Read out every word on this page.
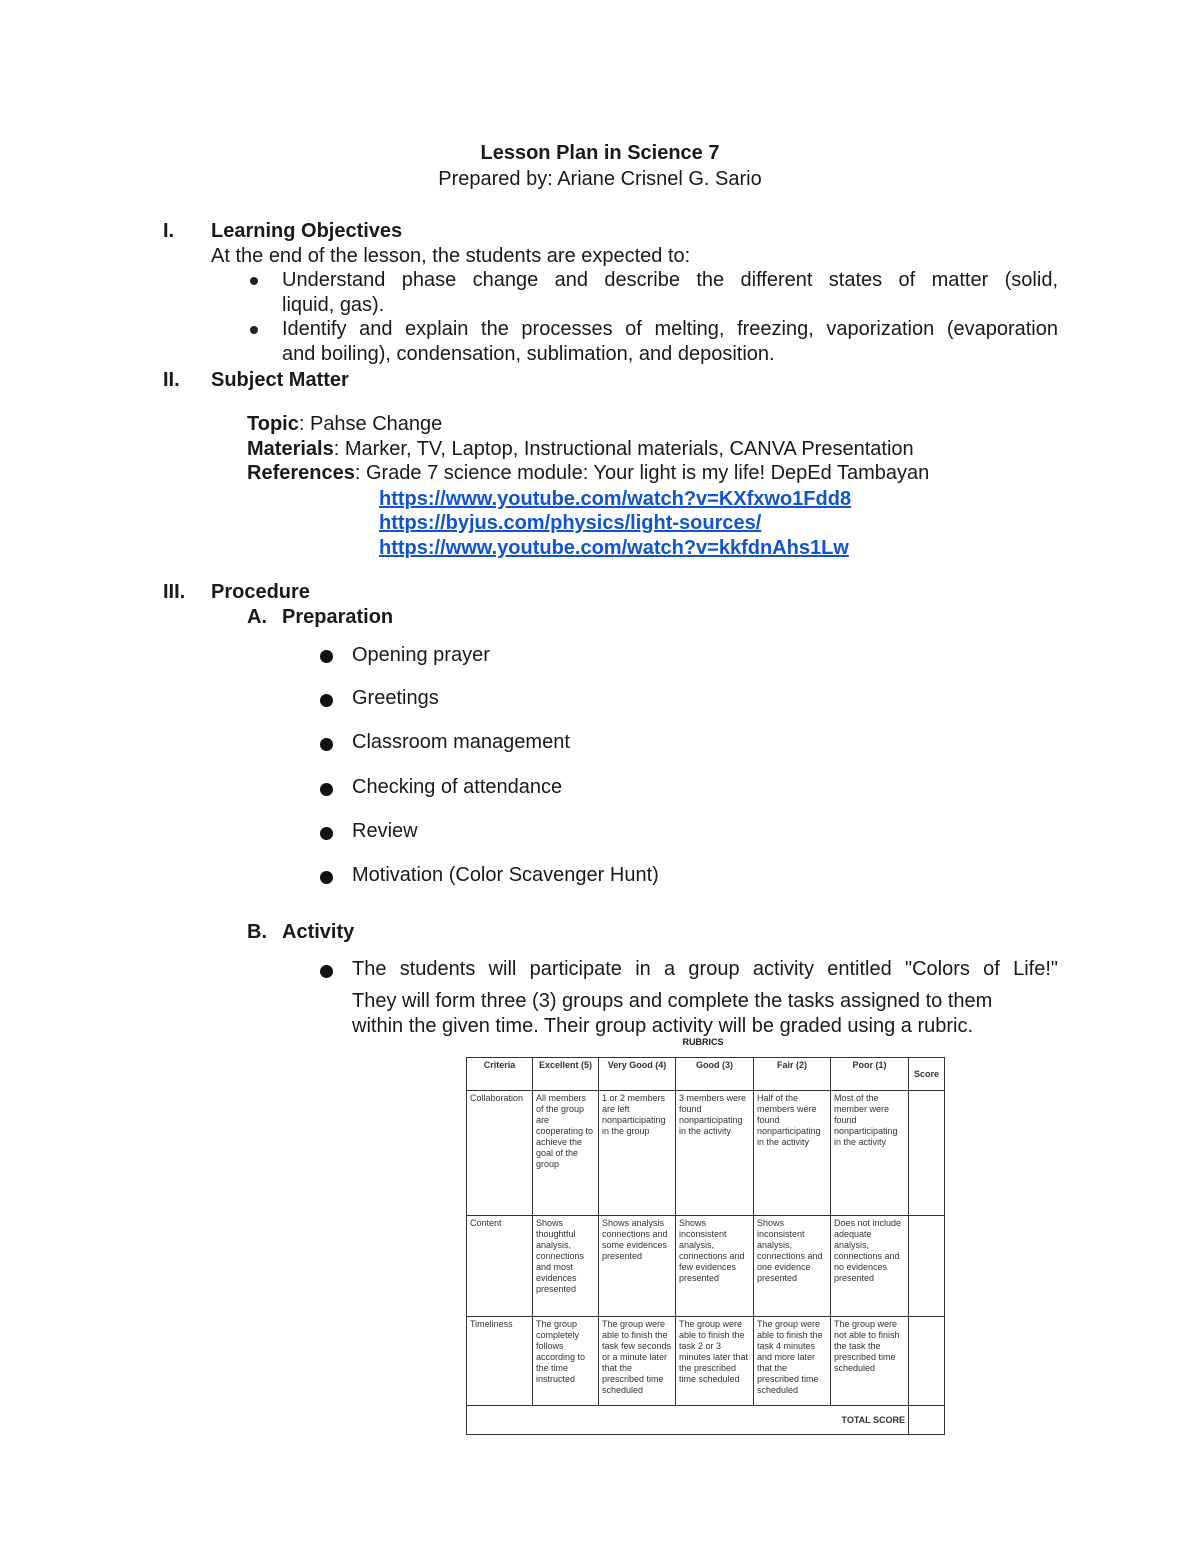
Lesson Plan in Science 7
Prepared by: Ariane Crisnel G. Sario
I. Learning Objectives
At the end of the lesson, the students are expected to:
Understand phase change and describe the different states of matter (solid,
liquid, gas).
Identify and explain the processes of melting, freezing, vaporization (evaporation
and boiling), condensation, sublimation, and deposition.
II. Subject Matter
Topic: Pahse Change
Materials: Marker, TV, Laptop, Instructional materials, CANVA Presentation
References: Grade 7 science module: Your light is my life! DepEd Tambayan
https://www.youtube.com/watch?v=KXfxwo1Fdd8
https://byjus.com/physics/light-sources/
https://www.youtube.com/watch?v=kkfdnAhs1Lw
III. Procedure
A. Preparation
Opening prayer
Greetings
Classroom management
Checking of attendance
Review
Motivation (Color Scavenger Hunt)
B. Activity
The students will participate in a group activity entitled "Colors of Life!"
They will form three (3) groups and complete the tasks assigned to them
within the given time. Their group activity will be graded using a rubric.
RUBRICS
Criteria	Excellent (5)	Very Good (4)	Good (3)	Fair (2)	Poor (1)	Score
Collaboration	All members of the group are cooperating to achieve the goal of the group	1 or 2 members are left nonparticipating in the group	3 members were found nonparticipating in the activity	Half of the members were found nonparticipating in the activity	Most of the member were found nonparticipating in the activity	
Content	Shows thoughtful analysis, connections and most evidences presented	Shows analysis connections and some evidences presented	Shows inconsistent analysis, connections and few evidences presented	Shows inconsistent analysis, connections and one evidence presented	Does not include adequate analysis, connections and no evidences presented	
Timeliness	The group completely follows according to the time instructed	The group were able to finish the task few seconds or a minute later that the prescribed time scheduled	The group were able to finish the task 2 or 3 minutes later that the prescribed time scheduled	The group were able to finish the task 4 minutes and more later that the prescribed time scheduled	The group were not able to finish the task the prescribed time scheduled	
TOTAL SCORE						
